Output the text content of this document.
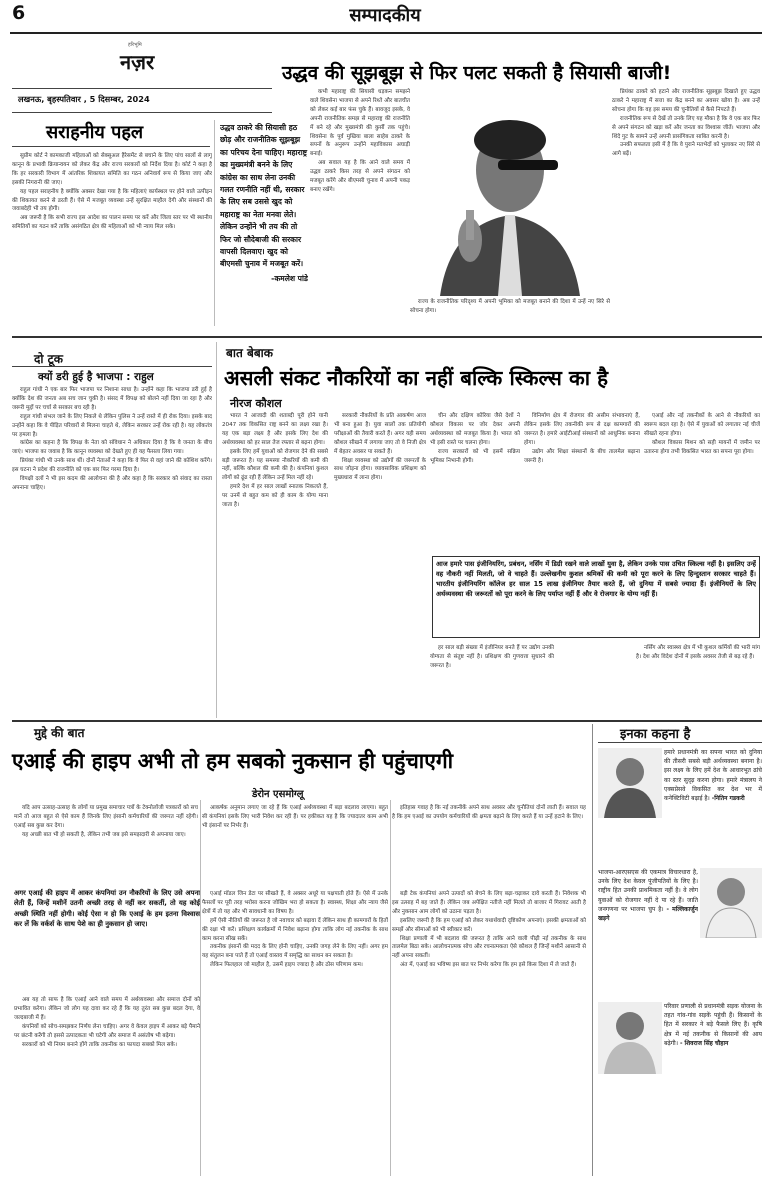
6	सम्पादकीय
हरिभूमि
नज़र
लखनऊ, बृहस्पतिवार , 5 दिसम्बर, 2024
उद्धव की सूझबूझ से फिर पलट सकती है सियासी बाजी!

कभी महाराष्ट्र की सियासी धड़कन समझने वाले शिवसेना भाजपा से अपने रिश्ते और बातचीत को लेकर कई बार फंस चुके हैं। बावजूद इसके, वे अपनी राजनीतिक समझ से महाराष्ट्र की राजनीति में बने रहे और मुख्यमंत्री की कुर्सी तक पहुंचे। शिवसेना के पूर्व मुखिया बाला साहेब ठाकरे के सपनों के अनुरूप उन्होंने महाविकास अघाड़ी बनाई।

अब सवाल यह है कि आने वाले समय में उद्धव ठाकरे किस तरह से अपने संगठन को मजबूत करेंगे और बीएमसी चुनाव में अपनी पकड़ बनाए रखेंगे।

राज्य के राजनीतिक परिदृश्य में अपनी भूमिका को मजबूत बनाने की दिशा में उन्हें नए सिरे से सोचना होगा।

प्रियंका ठाकरे को हटाने और राजनीतिक सूझबूझ दिखाते हुए उद्धव ठाकरे ने महाराष्ट्र में सत्ता का केंद्र बनने का अवसर खोया है। अब उन्हें सोचना होगा कि वह इस समय की चुनौतियों से कैसे निपटते हैं।

राजनीतिक रूप से देखें तो उनके लिए यह मौका है कि वे एक बार फिर से अपने संगठन को खड़ा करें और जनता का विश्वास जीतें। भाजपा और शिंदे गुट के सामने उन्हें अपनी प्रासंगिकता साबित करनी है।

उनकी सफलता इसी में है कि वे पुराने मतभेदों को भुलाकर नए सिरे से आगे बढ़ें।

उद्धव ठाकरे की सियासी हठ छोड़ और राजनीतिक सूझबूझ का परिचय देना चाहिए। महाराष्ट्र का मुख्यमंत्री बनने के लिए कांग्रेस का साथ लेना उनकी गलत रणनीति नहीं थी, सरकार के लिए सब उससे खुद को महाराष्ट्र का नेता मनवा लेते। लेकिन उन्होंने भी तय की तो फिर जो सौदेबाजी की सरकार वापसी दिलवाए। खुद को बीएमसी चुनाव में मजबूत करें।
-कमलेश पांडे
सराहनीय पहल

सुप्रीम कोर्ट ने कामकाजी महिलाओं को सेक्सुअल हैरेसमेंट से बचाने के लिए पांच सालों से लागू कानून के प्रभावी क्रियान्वयन को लेकर केंद्र और राज्य सरकारों को निर्देश दिया है। कोर्ट ने कहा है कि हर सरकारी विभाग में आंतरिक शिकायत समिति का गठन अनिवार्य रूप से किया जाए और इसकी निगरानी की जाए।

यह पहल सराहनीय है क्योंकि अक्सर देखा गया है कि महिलाएं कार्यस्थल पर होने वाले उत्पीड़न की शिकायत करने से डरती हैं। ऐसे में मजबूत व्यवस्था उन्हें सुरक्षित माहौल देगी और संस्थानों की जवाबदेही भी तय होगी।

अब जरूरी है कि सभी राज्य इस आदेश का पालन समय पर करें और जिला स्तर पर भी स्थानीय समितियों का गठन करें ताकि असंगठित क्षेत्र की महिलाओं को भी न्याय मिल सके।

बात बेबाक
असली संकट नौकरियों का नहीं बल्कि स्किल्स का है
नीरज कौशल

भारत ने आजादी की शताब्दी पूरी होने यानी 2047 तक विकसित राष्ट्र बनने का लक्ष्य रखा है। यह एक बड़ा लक्ष्य है और इसके लिए देश की अर्थव्यवस्था को हर साल तेज रफ्तार से बढ़ना होगा।

इसके लिए हमें युवाओं को रोजगार देने की सबसे बड़ी जरूरत है। यह समस्या नौकरियों की कमी की नहीं, बल्कि कौशल की कमी की है। कंपनियां कुशल लोगों को ढूंढ रही हैं लेकिन उन्हें मिल नहीं रहे।

हमारे देश में हर साल लाखों स्नातक निकलते हैं, पर उनमें से बहुत कम को ही काम के योग्य माना जाता है।

सरकारी नौकरियों के प्रति आकर्षण आज भी बना हुआ है। युवा सालों तक प्रतियोगी परीक्षाओं की तैयारी करते हैं। अगर यही समय कौशल सीखने में लगाया जाए तो वे निजी क्षेत्र में बेहतर अवसर पा सकते हैं।

शिक्षा व्यवस्था को उद्योगों की जरूरतों के साथ जोड़ना होगा। व्यावसायिक प्रशिक्षण को मुख्यधारा में लाना होगा।

चीन और दक्षिण कोरिया जैसे देशों ने कौशल विकास पर जोर देकर अपनी अर्थव्यवस्था को मजबूत किया है। भारत को भी इसी रास्ते पर चलना होगा।

राज्य सरकारों को भी इसमें सक्रिय भूमिका निभानी होगी।

विनिर्माण क्षेत्र में रोजगार की असीम संभावनाएं हैं, लेकिन इसके लिए तकनीकी रूप से दक्ष कामगारों की जरूरत है। हमारे आईटीआई संस्थानों को आधुनिक बनाना होगा।

उद्योग और शिक्षा संस्थानों के बीच तालमेल बढ़ाना जरूरी है।

एआई और नई तकनीकों के आने से नौकरियों का स्वरूप बदल रहा है। ऐसे में युवाओं को लगातार नई चीजें सीखते रहना होगा।

कौशल विकास मिशन को सही मायनों में जमीन पर उतारना होगा तभी विकसित भारत का सपना पूरा होगा।

आज हमारे पास इंजीनियरिंग, प्रबंधन, नर्सिंग में डिग्री रखने वाले लाखों युवा है, लेकिन उनके पास उचित स्किल्स नहीं है। इसलिए उन्हें वह नौकरी नहीं मिलती, जो वे चाहते हैं। उल्लेखनीय कुशल श्रमिकों की कमी को पूरा करने के लिए हिन्दुस्तान सरकार चाहते हैं। भारतीय इंजीनियरिंग कॉलेज हर साल 15 लाख इंजीनियर तैयार करते हैं, जो दुनिया में सबसे ज्यादा हैं। इंजीनियरों के लिए अर्थव्यवस्था की जरूरतों को पूरा करने के लिए पर्याप्त नहीं हैं और वे रोजगार के योग्य नहीं हैं।

हर साल बड़ी संख्या में इंजीनियर बनते हैं पर उद्योग उनकी योग्यता से संतुष्ट नहीं है। प्रशिक्षण की गुणवत्ता सुधारने की जरूरत है।

नर्सिंग और स्वास्थ्य क्षेत्र में भी कुशल कर्मियों की भारी मांग है। देश और विदेश दोनों में इसके अवसर तेजी से बढ़ रहे हैं।

दो टूक
क्यों डरी हुई है भाजपा : राहुल

राहुल गांधी ने एक बार फिर भाजपा पर निशाना साधा है। उन्होंने कहा कि भाजपा डरी हुई है क्योंकि देश की जनता अब सच जान चुकी है। संसद में विपक्ष को बोलने नहीं दिया जा रहा है और जरूरी मुद्दों पर चर्चा से सरकार बच रही है।

राहुल गांधी संभल जाने के लिए निकले थे लेकिन पुलिस ने उन्हें रास्ते में ही रोक दिया। इसके बाद उन्होंने कहा कि वे पीड़ित परिवारों से मिलना चाहते थे, लेकिन सरकार उन्हें रोक रही है। यह लोकतंत्र पर हमला है।

कांग्रेस का कहना है कि विपक्ष के नेता को संविधान ने अधिकार दिया है कि वे जनता के बीच जाएं। भाजपा का जवाब है कि कानून व्यवस्था को देखते हुए ही यह फैसला लिया गया।

प्रियंका गांधी भी उनके साथ थीं। दोनों नेताओं ने कहा कि वे फिर से वहां जाने की कोशिश करेंगे। इस घटना ने प्रदेश की राजनीति को एक बार फिर गरमा दिया है।

विपक्षी दलों ने भी इस कदम की आलोचना की है और कहा है कि सरकार को संवाद का रास्ता अपनाना चाहिए।

मुद्दे की बात
एआई की हाइप अभी तो हम सबको नुकसान ही पहुंचाएगी
डेरोन एसमोग्लू

यदि आप उत्साह-उत्साह के लोगों या प्रमुख समाचार पत्रों के टेक्नोलॉजी पत्रकारों को सच मानें तो आज बहुत से ऐसे काम हैं जिनके लिए इंसानी कर्मचारियों की जरूरत नहीं रहेगी। एआई सब कुछ कर देगा।

यह अच्छी बात भी हो सकती है, लेकिन तभी जब इसे समझदारी से अपनाया जाए।

आकर्षक अनुमान लगाए जा रहे हैं कि एआई अर्थव्यवस्था में बड़ा बदलाव लाएगा। बहुत सी कंपनियां इसके लिए भारी निवेश कर रही हैं। पर हकीकत यह है कि ज्यादातर काम अभी भी इंसानों पर निर्भर हैं।

इतिहास गवाह है कि नई तकनीकें अपने साथ अवसर और चुनौतियां दोनों लाती हैं। सवाल यह है कि हम एआई का उपयोग कर्मचारियों की क्षमता बढ़ाने के लिए करते हैं या उन्हें हटाने के लिए।

अगर एआई की हाइप में आकर कंपनियां उन नौकरियों के लिए उसे अपना लेती हैं, जिन्हें मशीनें उतनी अच्छी तरह से नहीं कर सकतीं, तो यह कोई अच्छी स्थिति नहीं होगी। कोई ऐसा न हो कि एआई के हम इतना विश्वास कर लें कि वर्कर्स के साथ पेशे का ही नुकसान हो जाए।

अब यह तो साफ है कि एआई आने वाले समय में अर्थव्यवस्था और समाज दोनों को प्रभावित करेगा। लेकिन जो लोग यह दावा कर रहे हैं कि यह तुरंत सब कुछ बदल देगा, वे जल्दबाजी में हैं।

कंपनियों को सोच-समझकर निर्णय लेना चाहिए। अगर वे केवल हाइप में आकर बड़े पैमाने पर छंटनी करेंगी तो इससे उत्पादकता भी घटेगी और समाज में असंतोष भी बढ़ेगा।

सरकारों को भी नियम बनाने होंगे ताकि तकनीक का फायदा सबको मिल सके।

एआई मॉडल जिन डेटा पर सीखते हैं, वे अक्सर अधूरे या पक्षपाती होते हैं। ऐसे में उनके फैसलों पर पूरी तरह भरोसा करना जोखिम भरा हो सकता है। स्वास्थ्य, शिक्षा और न्याय जैसे क्षेत्रों में तो यह और भी सावधानी का विषय है।

हमें ऐसी नीतियों की जरूरत है जो नवाचार को बढ़ावा दें लेकिन साथ ही कामगारों के हितों की रक्षा भी करें। प्रशिक्षण कार्यक्रमों में निवेश बढ़ाना होगा ताकि लोग नई तकनीक के साथ काम करना सीख सकें।

तकनीक इंसानों की मदद के लिए होनी चाहिए, उनकी जगह लेने के लिए नहीं। अगर हम यह संतुलन बना पाते हैं तो एआई वास्तव में समृद्धि का साधन बन सकता है।

लेकिन फिलहाल जो माहौल है, उसमें हाइप ज्यादा है और ठोस परिणाम कम।

बड़ी टेक कंपनियां अपने उत्पादों को बेचने के लिए बढ़ा-चढ़ाकर दावे करती हैं। निवेशक भी इस उत्साह में बह जाते हैं। लेकिन जब अपेक्षित नतीजे नहीं मिलते तो बाजार में गिरावट आती है और नुकसान आम लोगों को उठाना पड़ता है।

इसलिए जरूरी है कि हम एआई को लेकर यथार्थवादी दृष्टिकोण अपनाएं। इसकी क्षमताओं को समझें और सीमाओं को भी स्वीकार करें।

शिक्षा प्रणाली में भी बदलाव की जरूरत है ताकि आने वाली पीढ़ी नई तकनीक के साथ तालमेल बिठा सके। आलोचनात्मक सोच और रचनात्मकता ऐसे कौशल हैं जिन्हें मशीनें आसानी से नहीं अपना सकतीं।

अंत में, एआई का भविष्य इस बात पर निर्भर करेगा कि हम इसे किस दिशा में ले जाते हैं।

इनका कहना है
हमारे प्रधानमंत्री का सपना भारत को दुनिया की तीसरी सबसे बड़ी अर्थव्यवस्था बनाना है। इस लक्ष्य के लिए हमें देश के आधारभूत ढांचे का स्तर सुदृढ़ करना होगा। हमारे मंत्रालय ने एक्सप्रेसवे विकसित कर देश भर में कनेक्टिविटी बढ़ाई है। -नितिन गडकरी
भाजपा-आरएसएस की एकमात्र विचारधारा है, उनके लिए देश केवल पूंजीपतियों के लिए है। राष्ट्रीय हित उनकी प्राथमिकता नहीं है। वे लोग युवाओं को रोजगार नहीं दे पा रहे हैं। जाति जनगणना पर भाजपा चुप है। - मल्लिकार्जुन खड़गे
परिवार प्रणाली से प्रधानमंत्री सड़क योजना के तहत गांव-गांव सड़कें पहुंची हैं। किसानों के हित में सरकार ने बड़े फैसले लिए हैं। कृषि क्षेत्र में नई तकनीक से किसानों की आय बढ़ेगी। - शिवराज सिंह चौहान
